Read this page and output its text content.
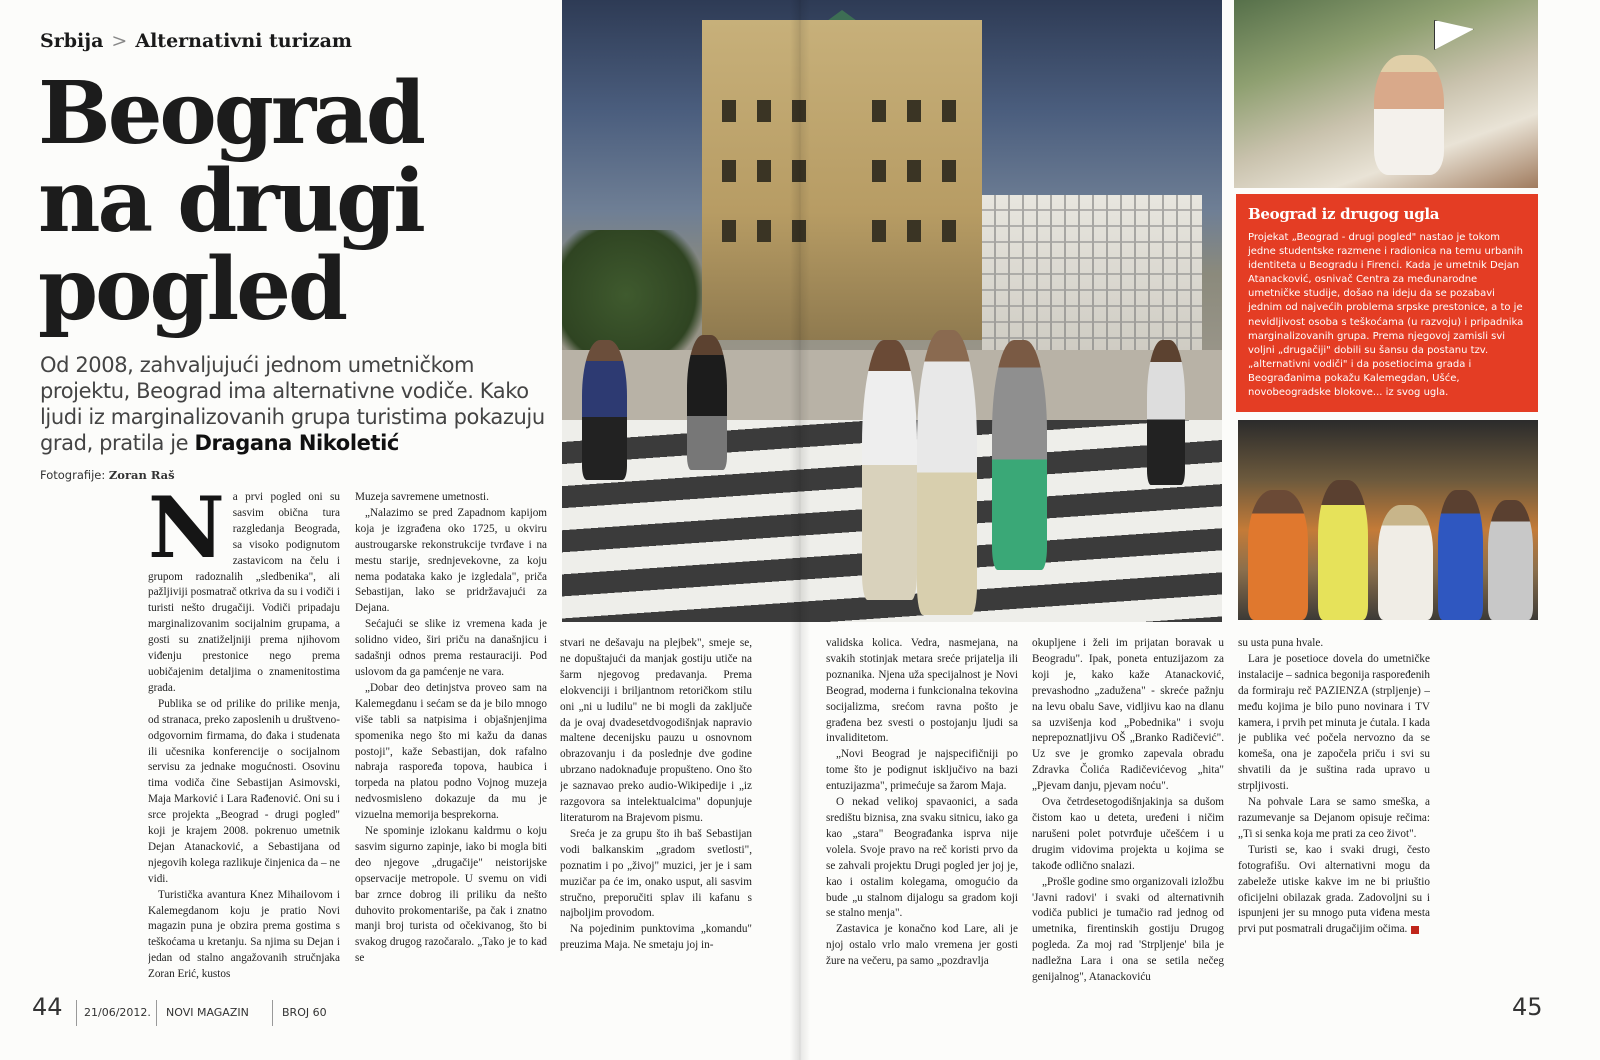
Srbija > Alternativni turizam
Beograd
na drugi
pogled
Od 2008, zahvaljujući jednom umetničkom projektu, Beograd ima alternativne vodiče. Kako ljudi iz marginalizovanih grupa turistima pokazuju grad, pratila je Dragana Nikoletić
Fotografije: Zoran Raš
N a prvi pogled oni su sasvim obična tura razgledanja Beograda, sa visoko podignutom zastavicom na čelu i grupom radoznalih „sledbenika", ali pažljiviji posmatrač otkriva da su i vodiči i turisti nešto drugačiji. Vodiči pripadaju marginalizovanim socijalnim grupama, a gosti su znatiželjniji prema njihovom viđenju prestonice nego prema uobičajenim detaljima o znamenitostima grada.

Publika se od prilike do prilike menja, od stranaca, preko zaposlenih u društveno-odgovornim firmama, do đaka i studenata ili učesnika konferencije o socijalnom servisu za jednake mogućnosti. Osovinu tima vodiča čine Sebastijan Asimovski, Maja Marković i Lara Rađenović. Oni su i srce projekta „Beograd - drugi pogled" koji je krajem 2008. pokrenuo umetnik Dejan Atanacković, a Sebastijana od njegovih kolega razlikuje činjenica da – ne vidi.

Turistička avantura Knez Mihailovom i Kalemegdanom koju je pratio Novi magazin puna je obzira prema gostima s teškoćama u kretanju. Sa njima su Dejan i jedan od stalno angažovanih stručnjaka Zoran Erić, kustos

Muzeja savremene umetnosti.

„Nalazimo se pred Zapadnom kapijom koja je izgrađena oko 1725, u okviru austrougarske rekonstrukcije tvrđave i na mestu starije, srednjevekovne, za koju nema podataka kako je izgledala", priča Sebastijan, lako se pridržavajući za Dejana.

Sećajući se slike iz vremena kada je solidno video, širi priču na današnjicu i sadašnji odnos prema restauraciji. Pod uslovom da ga pamćenje ne vara.

„Dobar deo detinjstva proveo sam na Kalemegdanu i sećam se da je bilo mnogo više tabli sa natpisima i objašnjenjima spomenika nego što mi kažu da danas postoji", kaže Sebastijan, dok rafalno nabraja raspoređa topova, haubica i torpeda na platou podno Vojnog muzeja nedvosmisleno dokazuje da mu je vizuelna memorija besprekorna.

Ne spominje izlokanu kaldrmu o koju sasvim sigurno zapinje, iako bi mogla biti deo njegove „drugačije" neistorijske opservacije metropole. U svemu on vidi bar zrnce dobrog ili priliku da nešto duhovito prokomentariše, pa čak i znatno manji broj turista od očekivanog, što bi svakog drugog razočaralo. „Tako je to kad se

stvari ne dešavaju na plejbek", smeje se, ne dopuštajući da manjak gostiju utiče na šarm njegovog predavanja. Prema elokvenciji i briljantnom retoričkom stilu oni „ni u ludilu" ne bi mogli da zaključe da je ovaj dvadesetdvogodišnjak napravio maltene decenijsku pauzu u osnovnom obrazovanju i da poslednje dve godine ubrzano nadoknađuje propušteno. Ono što je saznavao preko audio-Wikipedije i „iz razgovora sa intelektualcima" dopunjuje literaturom na Brajevom pismu.

Sreća je za grupu što ih baš Sebastijan vodi balkanskim „gradom svetlosti", poznatim i po „živoj" muzici, jer je i sam muzičar pa će im, onako usput, ali sasvim stručno, preporučiti splav ili kafanu s najboljim provodom.

Na pojedinim punktovima „komandu" preuzima Maja. Ne smetaju joj in-

validska kolica. Vedra, nasmejana, na svakih stotinjak metara sreće prijatelja ili poznanika. Njena uža specijalnost je Novi Beograd, moderna i funkcionalna tekovina socijalizma, srećom ravna pošto je građena bez svesti o postojanju ljudi sa invaliditetom.

„Novi Beograd je najspecifičniji po tome što je podignut isključivo na bazi entuzijazma", primećuje sa žarom Maja.

O nekad velikoj spavaonici, a sada središtu biznisa, zna svaku sitnicu, iako ga kao „stara" Beograđanka isprva nije volela. Svoje pravo na reč koristi prvo da se zahvali projektu Drugi pogled jer joj je, kao i ostalim kolegama, omogućio da bude „u stalnom dijalogu sa gradom koji se stalno menja".

Zastavica je konačno kod Lare, ali je njoj ostalo vrlo malo vremena jer gosti žure na večeru, pa samo „pozdravlja

okupljene i želi im prijatan boravak u Beogradu". Ipak, poneta entuzijazom za koji je, kako kaže Atanacković, prevashodno „zadužena" - skreće pažnju na levu obalu Save, vidljivu kao na dlanu sa uzvišenja kod „Pobednika" i svoju neprepoznatljivu OŠ „Branko Radičević". Uz sve je gromko zapevala obradu Zdravka Čolića Radičevićevog „hita" „Pjevam danju, pjevam noću".

Ova četrdesetogodišnjakinja sa dušom čistom kao u deteta, uređeni i ničim narušeni polet potvrđuje učešćem i u drugim vidovima projekta u kojima se takođe odlično snalazi.

„Prošle godine smo organizovali izložbu 'Javni radovi' i svaki od alternativnih vodiča publici je tumačio rad jednog od umetnika, firentinskih gostiju Drugog pogleda. Za moj rad 'Strpljenje' bila je nadležna Lara i ona se setila nečeg genijalnog", Atanackoviću

su usta puna hvale.

Lara je posetioce dovela do umetničke instalacije – sadnica begonija raspoređenih da formiraju reč PAZIENZA (strpljenje) – među kojima je bilo puno novinara i TV kamera, i prvih pet minuta je ćutala. I kada je publika već počela nervozno da se komeša, ona je započela priču i svi su shvatili da je suština rada upravo u strpljivosti.

Na pohvale Lara se samo smeška, a razumevanje sa Dejanom opisuje rečima: „Ti si senka koja me prati za ceo život".

Turisti se, kao i svaki drugi, često fotografišu. Ovi alternativni mogu da zabeleže utiske kakve im ne bi priuštio oficijelni obilazak grada. Zadovoljni su i ispunjeni jer su mnogo puta viđena mesta prvi put posmatrali drugačijim očima.

Beograd iz drugog ugla

Projekat „Beograd - drugi pogled" nastao je tokom jedne studentske razmene i radionica na temu urbanih identiteta u Beogradu i Firenci. Kada je umetnik Dejan Atanacković, osnivač Centra za međunarodne umetničke studije, došao na ideju da se pozabavi jednim od najvećih problema srpske prestonice, a to je nevidljivost osoba s teškoćama (u razvoju) i pripadnika marginalizovanih grupa. Prema njegovoj zamisli svi voljni „drugačiji" dobili su šansu da postanu tzv. „alternativni vodiči" i da posetiocima grada i Beograđanima pokažu Kalemegdan, Ušće, novobeogradske blokove... iz svog ugla.

44 21/06/2012. NOVI MAGAZIN	BROJ 60	45
